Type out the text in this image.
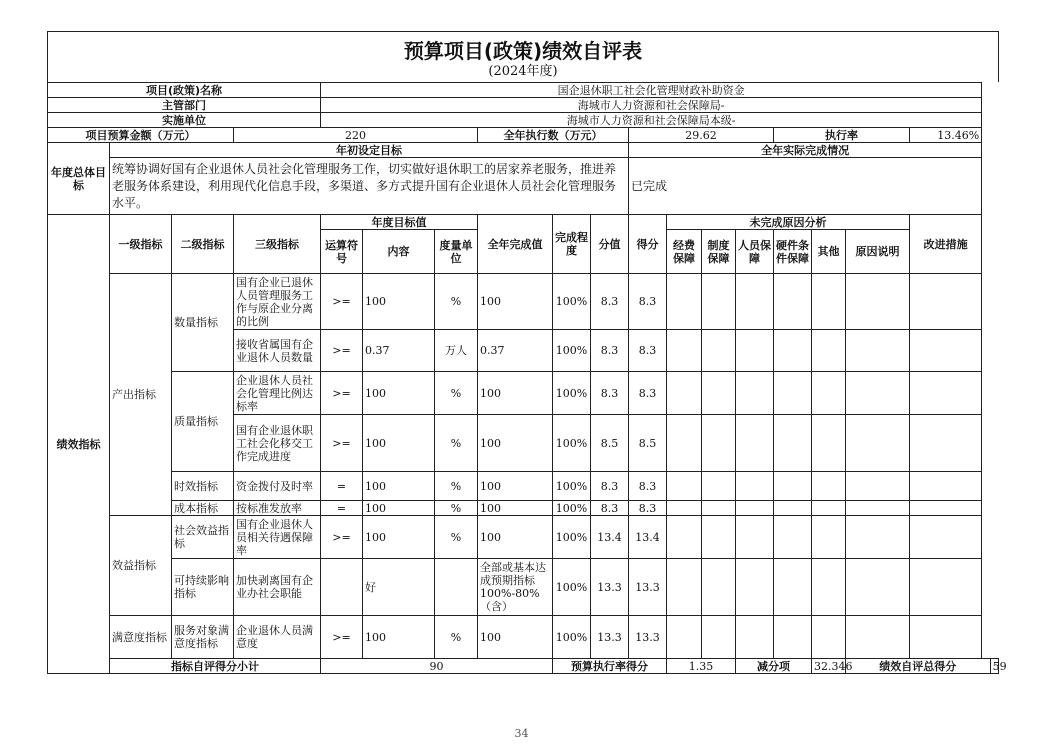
预算项目(政策)绩效自评表
(2024年度)
项目(政策)名称				国企退休职工社会化管理财政补助资金														
主管部门				海城市人力资源和社会保障局-														
实施单位				海城市人力资源和社会保障局本级-														
项目预算金额（万元）			220				全年执行数（万元）			29.62				执行率			13.46%	
年度总体目标	年初设定目标									全年实际完成情况								
	统筹协调好国有企业退休人员社会化管理服务工作，切实做好退休职工的居家养老服务，推进养老服务体系建设，利用现代化信息手段，多渠道、多方式提升国有企业退休人员社会化管理服务水平。									已完成								
绩效指标	一级指标	二级指标	三级指标	年度目标值			全年完成值	完成程度	分值	得分	未完成原因分析						改进措施	
				运算符号	内容	度量单位					经费保障	制度保障	人员保障	硬件条件保障	其他	原因说明		
	产出指标	数量指标	国有企业已退休人员管理服务工作与原企业分离的比例	>=	100	%	100	100%	8.3	8.3								
			接收省属国有企业退休人员数量	>=	0.37	万人	0.37	100%	8.3	8.3								
		质量指标	企业退休人员社会化管理比例达标率	>=	100	%	100	100%	8.3	8.3								
			国有企业退休职工社会化移交工作完成进度	>=	100	%	100	100%	8.5	8.5								
		时效指标	资金拨付及时率	=	100	%	100	100%	8.3	8.3								
		成本指标	按标准发放率	=	100	%	100	100%	8.3	8.3								
	效益指标	社会效益指标	国有企业退休人员相关待遇保障率	>=	100	%	100	100%	13.4	13.4								
		可持续影响指标	加快剥离国有企业办社会职能		好		全部或基本达成预期指标100%-80%（含）	100%	13.3	13.3								
	满意度指标	服务对象满意度指标	企业退休人员满意度	>=	100	%	100	100%	13.3	13.3								
	指标自评得分小计			90				预算执行率得分			1.35		减分项		32.346	绩效自评总得分		59
34
